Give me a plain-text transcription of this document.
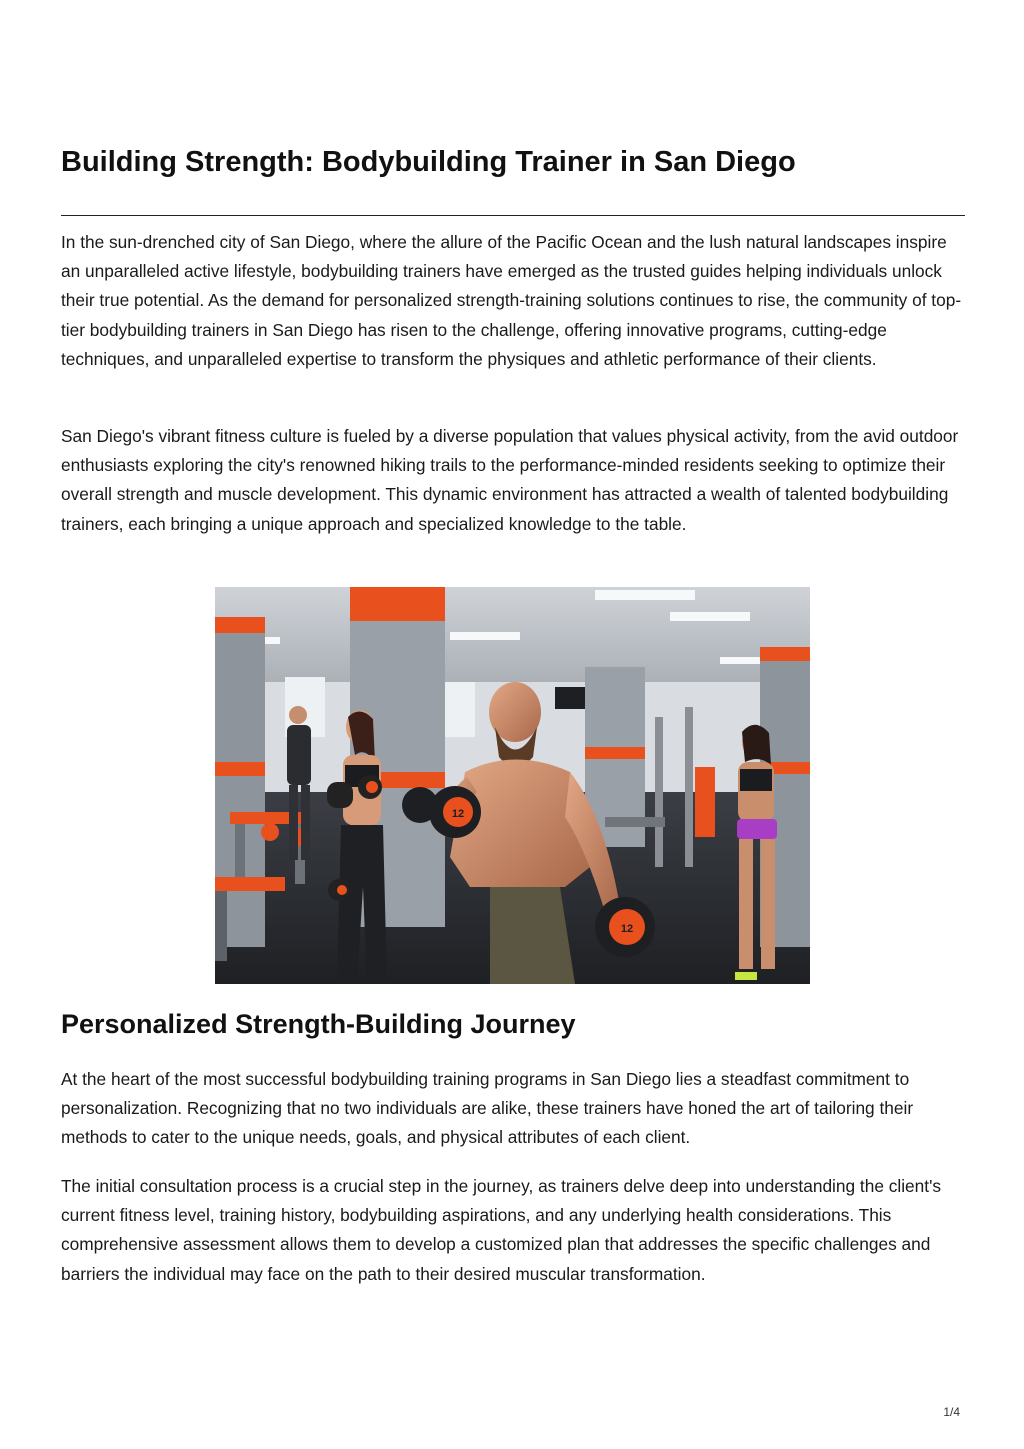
Building Strength: Bodybuilding Trainer in San Diego

In the sun-drenched city of San Diego, where the allure of the Pacific Ocean and the lush natural landscapes inspire an unparalleled active lifestyle, bodybuilding trainers have emerged as the trusted guides helping individuals unlock their true potential. As the demand for personalized strength-training solutions continues to rise, the community of top-tier bodybuilding trainers in San Diego has risen to the challenge, offering innovative programs, cutting-edge techniques, and unparalleled expertise to transform the physiques and athletic performance of their clients.

San Diego's vibrant fitness culture is fueled by a diverse population that values physical activity, from the avid outdoor enthusiasts exploring the city's renowned hiking trails to the performance-minded residents seeking to optimize their overall strength and muscle development. This dynamic environment has attracted a wealth of talented bodybuilding trainers, each bringing a unique approach and specialized knowledge to the table.

12
12
Personalized Strength-Building Journey

At the heart of the most successful bodybuilding training programs in San Diego lies a steadfast commitment to personalization. Recognizing that no two individuals are alike, these trainers have honed the art of tailoring their methods to cater to the unique needs, goals, and physical attributes of each client.

The initial consultation process is a crucial step in the journey, as trainers delve deep into understanding the client's current fitness level, training history, bodybuilding aspirations, and any underlying health considerations. This comprehensive assessment allows them to develop a customized plan that addresses the specific challenges and barriers the individual may face on the path to their desired muscular transformation.

1/4
